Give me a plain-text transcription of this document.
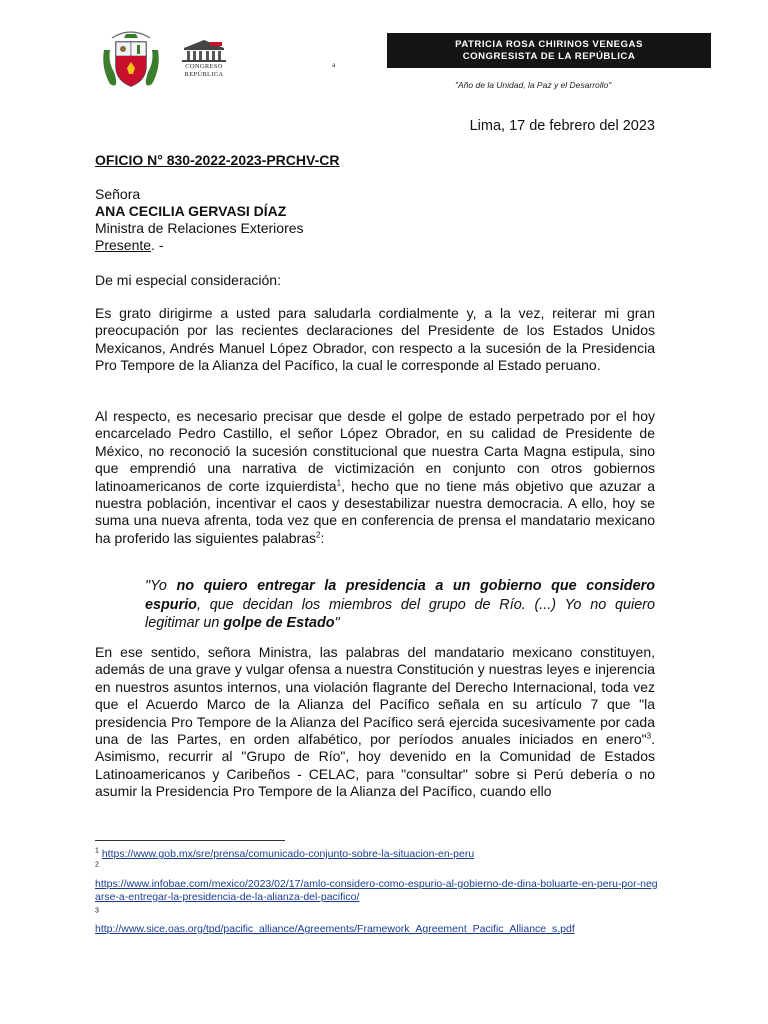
CONGRESO
REPÚBLICA
a
PATRICIA ROSA CHIRINOS VENEGAS
CONGRESISTA DE LA REPÚBLICA
"Año de la Unidad, la Paz y el Desarrollo"
Lima, 17 de febrero del 2023
OFICIO N° 830-2022-2023-PRCHV-CR
Señora
ANA CECILIA GERVASI DÍAZ
Ministra de Relaciones Exteriores
Presente. -
De mi especial consideración:

Es grato dirigirme a usted para saludarla cordialmente y, a la vez, reiterar mi gran preocupación por las recientes declaraciones del Presidente de los Estados Unidos Mexicanos, Andrés Manuel López Obrador, con respecto a la sucesión de la Presidencia Pro Tempore de la Alianza del Pacífico, la cual le corresponde al Estado peruano.

Al respecto, es necesario precisar que desde el golpe de estado perpetrado por el hoy encarcelado Pedro Castillo, el señor López Obrador, en su calidad de Presidente de México, no reconoció la sucesión constitucional que nuestra Carta Magna estipula, sino que emprendió una narrativa de victimización en conjunto con otros gobiernos latinoamericanos de corte izquierdista$^1$, hecho que no tiene más objetivo que azuzar a nuestra población, incentivar el caos y desestabilizar nuestra democracia. A ello, hoy se suma una nueva afrenta, toda vez que en conferencia de prensa el mandatario mexicano ha proferido las siguientes palabras$^2$:

"Yo no quiero entregar la presidencia a un gobierno que considero espurio, que decidan los miembros del grupo de Río. (...) Yo no quiero legitimar un golpe de Estado"

En ese sentido, señora Ministra, las palabras del mandatario mexicano constituyen, además de una grave y vulgar ofensa a nuestra Constitución y nuestras leyes e injerencia en nuestros asuntos internos, una violación flagrante del Derecho Internacional, toda vez que el Acuerdo Marco de la Alianza del Pacífico señala en su artículo 7 que "la presidencia Pro Tempore de la Alianza del Pacífico será ejercida sucesivamente por cada una de las Partes, en orden alfabético, por períodos anuales iniciados en enero"$^3$. Asimismo, recurrir al "Grupo de Río", hoy devenido en la Comunidad de Estados Latinoamericanos y Caribeños - CELAC, para "consultar" sobre si Perú debería o no asumir la Presidencia Pro Tempore de la Alianza del Pacífico, cuando ello

$^1$ https://www.gob.mx/sre/prensa/comunicado-conjunto-sobre-la-situacion-en-peru
$^2$
https://www.infobae.com/mexico/2023/02/17/amlo-considero-como-espurio-al-gobierno-de-dina-boluarte-en-peru-por-negarse-a-entregar-la-presidencia-de-la-alianza-del-pacifico/
$^3$
http://www.sice.oas.org/tpd/pacific_alliance/Agreements/Framework_Agreement_Pacific_Alliance_s.pdf
